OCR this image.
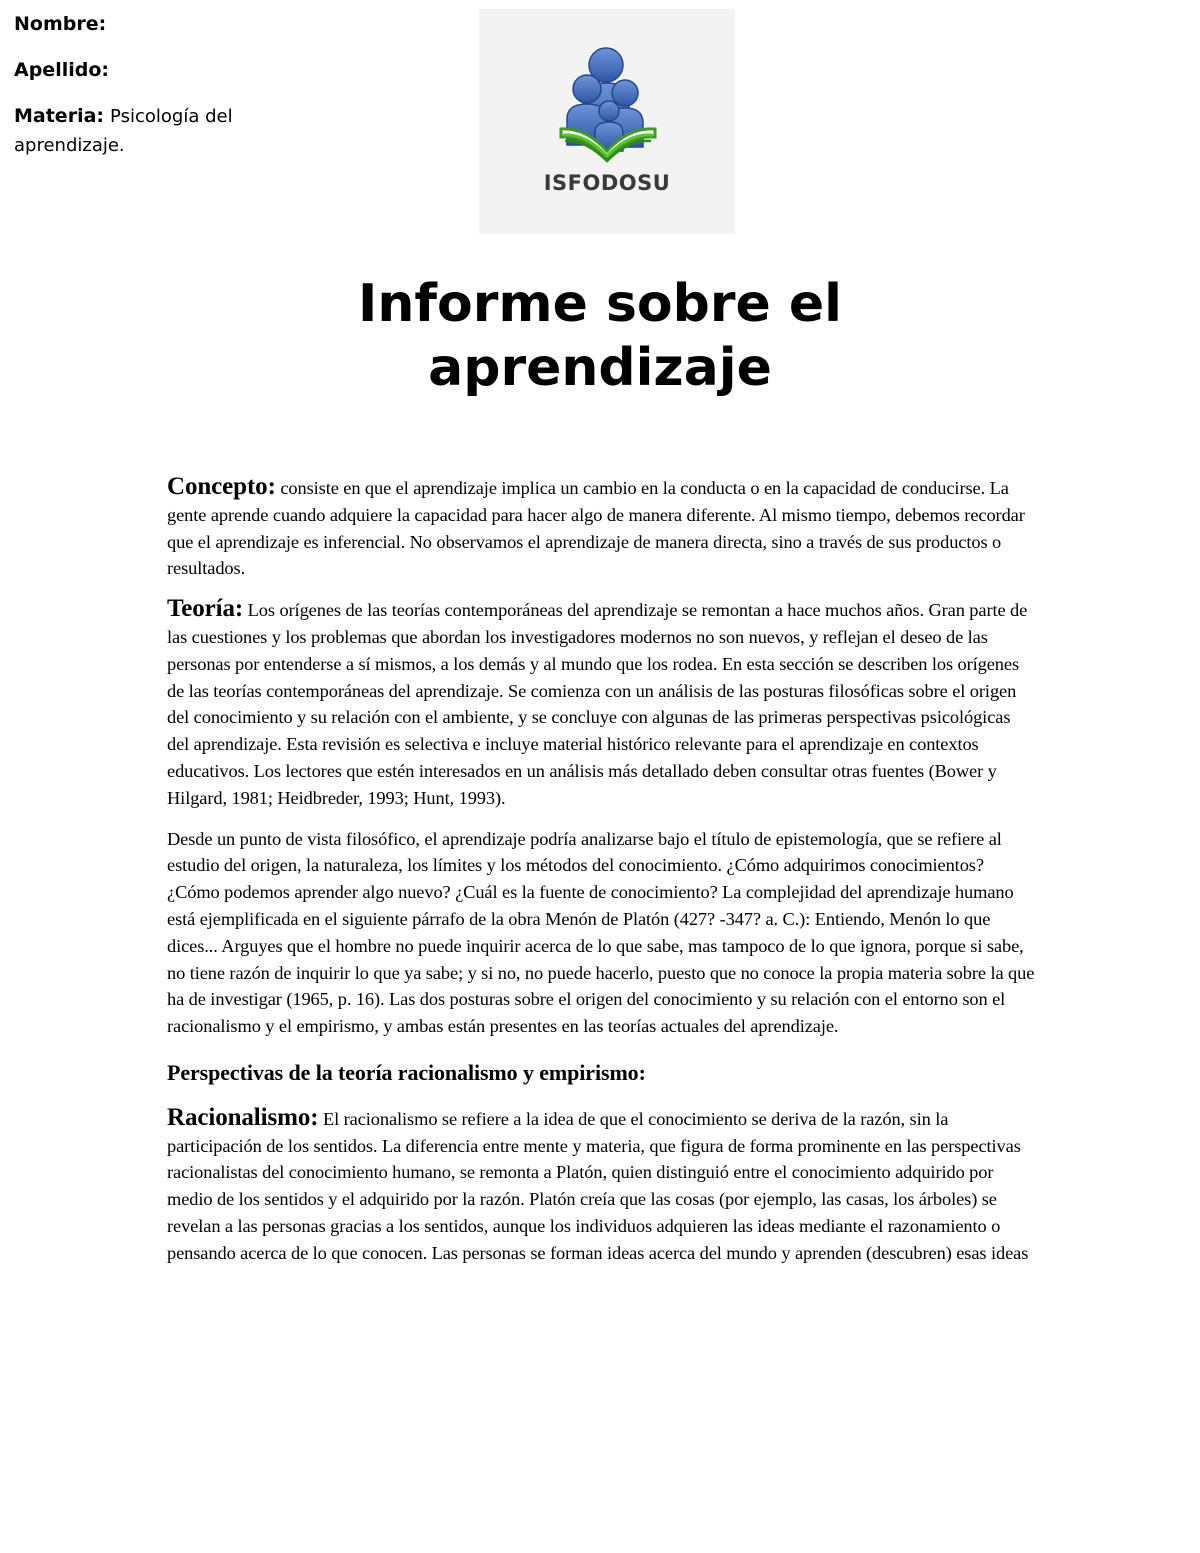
Nombre:
Apellido:
Materia: Psicología del aprendizaje.
ISFODOSU
Informe sobre el
aprendizaje

Concepto: consiste en que el aprendizaje implica un cambio en la conducta o en la capacidad de conducirse. La gente aprende cuando adquiere la capacidad para hacer algo de manera diferente. Al mismo tiempo, debemos recordar que el aprendizaje es inferencial. No observamos el aprendizaje de manera directa, sino a través de sus productos o resultados.

Teoría: Los orígenes de las teorías contemporáneas del aprendizaje se remontan a hace muchos años. Gran parte de las cuestiones y los problemas que abordan los investigadores modernos no son nuevos, y reflejan el deseo de las personas por entenderse a sí mismos, a los demás y al mundo que los rodea. En esta sección se describen los orígenes de las teorías contemporáneas del aprendizaje. Se comienza con un análisis de las posturas filosóficas sobre el origen del conocimiento y su relación con el ambiente, y se concluye con algunas de las primeras perspectivas psicológicas del aprendizaje. Esta revisión es selectiva e incluye material histórico relevante para el aprendizaje en contextos educativos. Los lectores que estén interesados en un análisis más detallado deben consultar otras fuentes (Bower y Hilgard, 1981; Heidbreder, 1993; Hunt, 1993).

Desde un punto de vista filosófico, el aprendizaje podría analizarse bajo el título de epistemología, que se refiere al estudio del origen, la naturaleza, los límites y los métodos del conocimiento. ¿Cómo adquirimos conocimientos? ¿Cómo podemos aprender algo nuevo? ¿Cuál es la fuente de conocimiento? La complejidad del aprendizaje humano está ejemplificada en el siguiente párrafo de la obra Menón de Platón (427? -347? a. C.): Entiendo, Menón lo que dices... Arguyes que el hombre no puede inquirir acerca de lo que sabe, mas tampoco de lo que ignora, porque si sabe, no tiene razón de inquirir lo que ya sabe; y si no, no puede hacerlo, puesto que no conoce la propia materia sobre la que ha de investigar (1965, p. 16). Las dos posturas sobre el origen del conocimiento y su relación con el entorno son el racionalismo y el empirismo, y ambas están presentes en las teorías actuales del aprendizaje.

Perspectivas de la teoría racionalismo y empirismo:

Racionalismo: El racionalismo se refiere a la idea de que el conocimiento se deriva de la razón, sin la participación de los sentidos. La diferencia entre mente y materia, que figura de forma prominente en las perspectivas racionalistas del conocimiento humano, se remonta a Platón, quien distinguió entre el conocimiento adquirido por medio de los sentidos y el adquirido por la razón. Platón creía que las cosas (por ejemplo, las casas, los árboles) se revelan a las personas gracias a los sentidos, aunque los individuos adquieren las ideas mediante el razonamiento o pensando acerca de lo que conocen. Las personas se forman ideas acerca del mundo y aprenden (descubren) esas ideas
